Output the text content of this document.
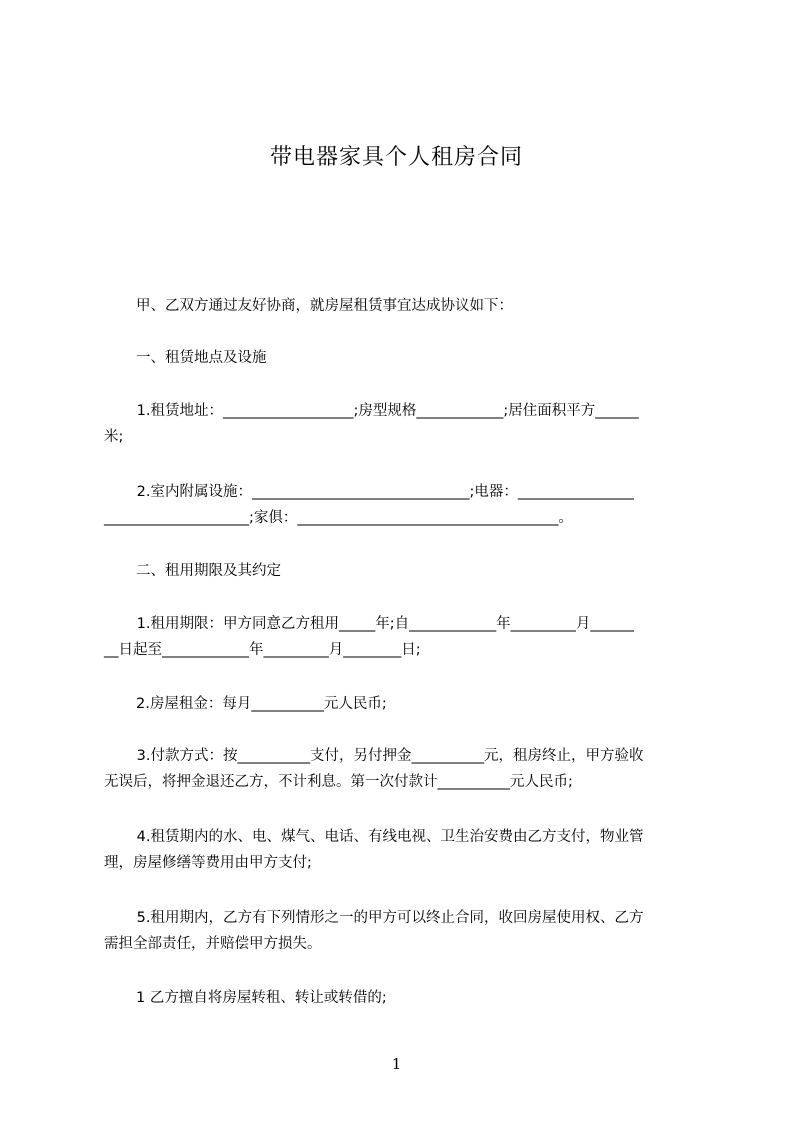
带电器家具个人租房合同
甲、乙双方通过友好协商，就房屋租赁事宜达成协议如下：
一、租赁地点及设施
1.租赁地址：__________________;房型规格____________;居住面积平方______
米;
2.室内附属设施：______________________________;电器：________________
____________________;家俱：____________________________________。
二、租用期限及其约定
1.租用期限：甲方同意乙方租用_____年;自____________年_________月______
__日起至____________年_________月________日;
2.房屋租金：每月__________元人民币;
3.付款方式：按__________支付，另付押金__________元，租房终止，甲方验收
无误后，将押金退还乙方，不计利息。第一次付款计__________元人民币;
4.租赁期内的水、电、煤气、电话、有线电视、卫生治安费由乙方支付，物业管
理，房屋修缮等费用由甲方支付;
5.租用期内，乙方有下列情形之一的甲方可以终止合同，收回房屋使用权、乙方
需担全部责任，并赔偿甲方损失。
1 乙方擅自将房屋转租、转让或转借的;
1
